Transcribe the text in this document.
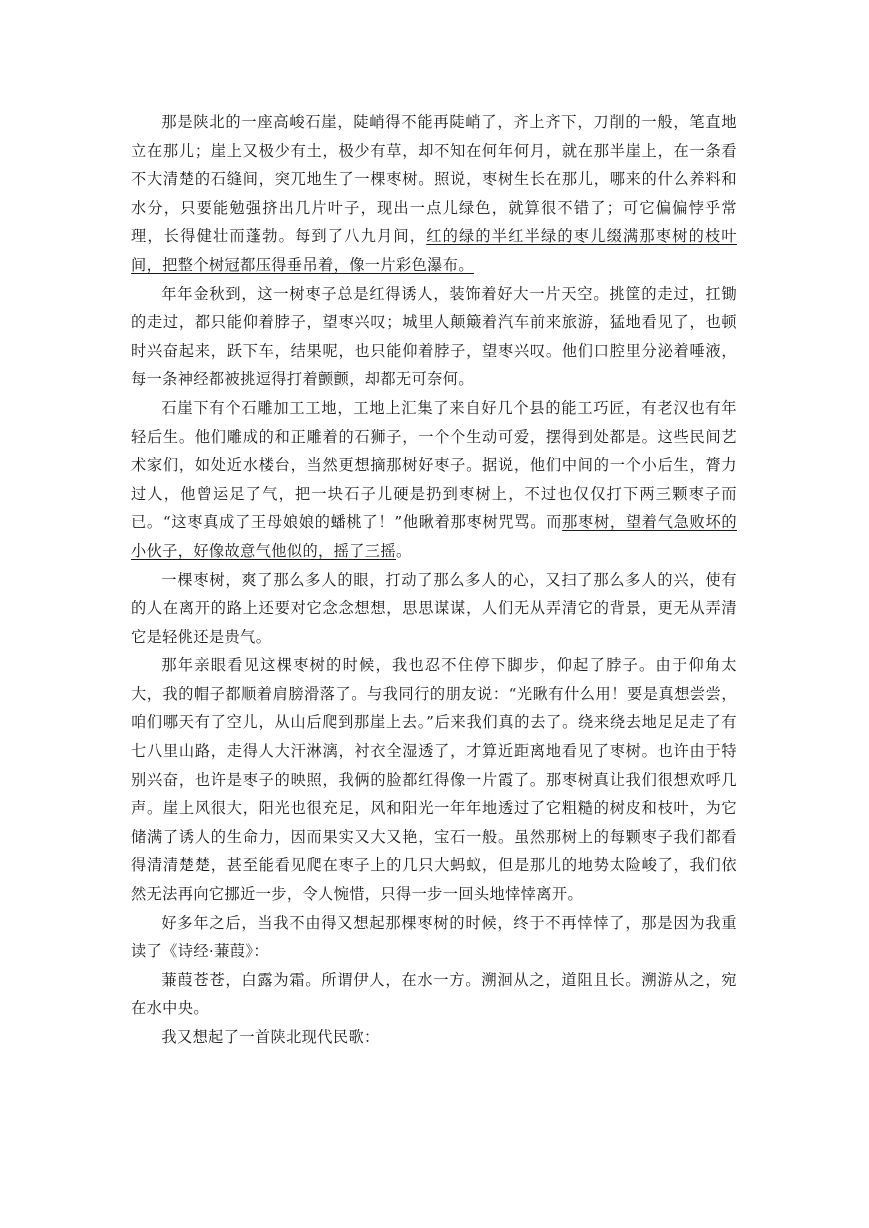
那是陕北的一座高峻石崖，陡峭得不能再陡峭了，齐上齐下，刀削的一般，笔直地立在那儿；崖上又极少有土，极少有草，却不知在何年何月，就在那半崖上，在一条看不大清楚的石缝间，突兀地生了一棵枣树。照说，枣树生长在那儿，哪来的什么养料和水分，只要能勉强挤出几片叶子，现出一点儿绿色，就算很不错了；可它偏偏悖乎常理，长得健壮而蓬勃。每到了八九月间，红的绿的半红半绿的枣儿缀满那枣树的枝叶间，把整个树冠都压得垂吊着，像一片彩色瀑布。

年年金秋到，这一树枣子总是红得诱人，装饰着好大一片天空。挑筐的走过，扛锄的走过，都只能仰着脖子，望枣兴叹；城里人颠簸着汽车前来旅游，猛地看见了，也顿时兴奋起来，跃下车，结果呢，也只能仰着脖子，望枣兴叹。他们口腔里分泌着唾液，每一条神经都被挑逗得打着颤颤，却都无可奈何。

石崖下有个石雕加工工地，工地上汇集了来自好几个县的能工巧匠，有老汉也有年轻后生。他们雕成的和正雕着的石狮子，一个个生动可爱，摆得到处都是。这些民间艺术家们，如处近水楼台，当然更想摘那树好枣子。据说，他们中间的一个小后生，膂力过人，他曾运足了气，把一块石子儿硬是扔到枣树上，不过也仅仅打下两三颗枣子而已。“这枣真成了王母娘娘的蟠桃了！”他瞅着那枣树咒骂。而那枣树，望着气急败坏的小伙子，好像故意气他似的，摇了三摇。

一棵枣树，爽了那么多人的眼，打动了那么多人的心，又扫了那么多人的兴，使有的人在离开的路上还要对它念念想想，思思谋谋，人们无从弄清它的背景，更无从弄清它是轻佻还是贵气。

那年亲眼看见这棵枣树的时候，我也忍不住停下脚步，仰起了脖子。由于仰角太大，我的帽子都顺着肩膀滑落了。与我同行的朋友说：“光瞅有什么用！要是真想尝尝，咱们哪天有了空儿，从山后爬到那崖上去。”后来我们真的去了。绕来绕去地足足走了有七八里山路，走得人大汗淋漓，衬衣全湿透了，才算近距离地看见了枣树。也许由于特别兴奋，也许是枣子的映照，我俩的脸都红得像一片霞了。那枣树真让我们很想欢呼几声。崖上风很大，阳光也很充足，风和阳光一年年地透过了它粗糙的树皮和枝叶，为它储满了诱人的生命力，因而果实又大又艳，宝石一般。虽然那树上的每颗枣子我们都看得清清楚楚，甚至能看见爬在枣子上的几只大蚂蚁，但是那儿的地势太险峻了，我们依然无法再向它挪近一步，令人惋惜，只得一步一回头地悻悻离开。

好多年之后，当我不由得又想起那棵枣树的时候，终于不再悻悻了，那是因为我重读了《诗经·蒹葭》：

蒹葭苍苍，白露为霜。所谓伊人，在水一方。溯洄从之，道阻且长。溯游从之，宛在水中央。

我又想起了一首陕北现代民歌：
